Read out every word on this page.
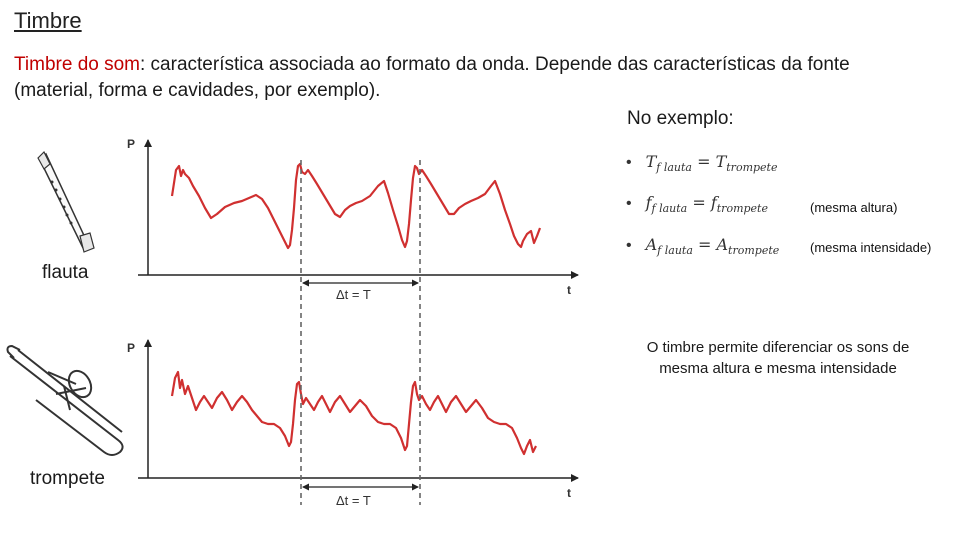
Timbre
Timbre do som: característica associada ao formato da onda. Depende das características da fonte (material, forma e cavidades, por exemplo).
No exemplo:
• $T_{f lauta} = T_{trompete}$
• $f_{f lauta} = f_{trompete}$	(mesma altura)
• $A_{f lauta} = A_{trompete}$ (mesma intensidade)
O timbre permite diferenciar os sons de mesma altura e mesma intensidade
flauta
trompete
P
t
P
t
Δt = T
Δt = T
